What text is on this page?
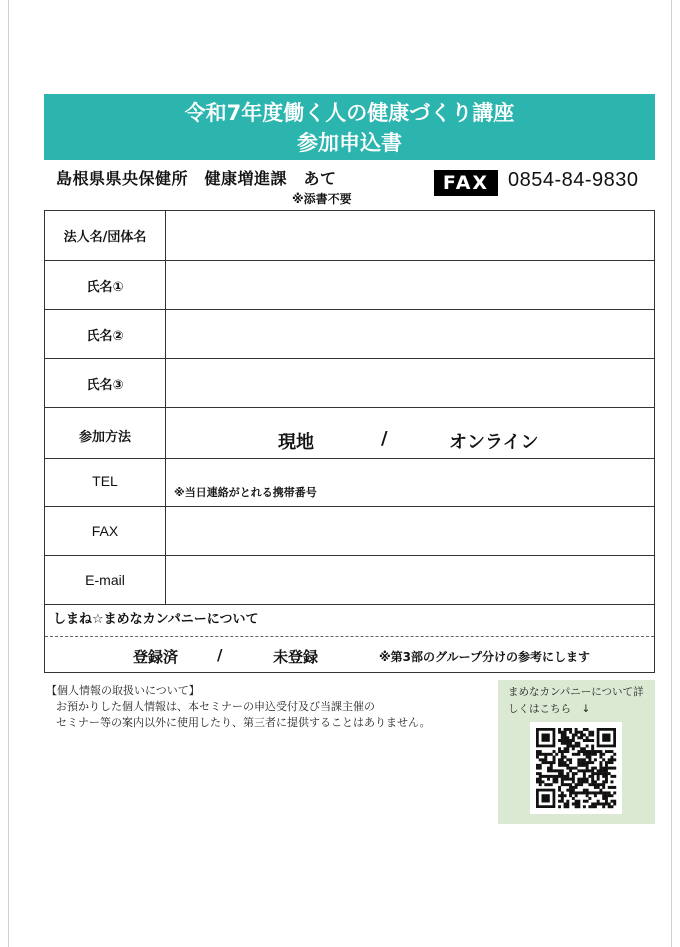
令和7年度働く人の健康づくり講座
参加申込書
島根県県央保健所　健康増進課　あて
※添書不要
FAX 0854-84-9830
法人名/団体名	
氏名①	
氏名②	
氏名③	
参加方法	現地 / オンライン

TEL	※当日連絡がとれる携帯番号

FAX	
E-mail	
しまね☆まめなカンパニーについて
登録済	/	未登録	※第3部のグループ分けの参考にします
【個人情報の取扱いについて】
お預かりした個人情報は、本セミナーの申込受付及び当課主催の
セミナー等の案内以外に使用したり、第三者に提供することはありません。
まめなカンパニーについて詳しくはこちら　↓
